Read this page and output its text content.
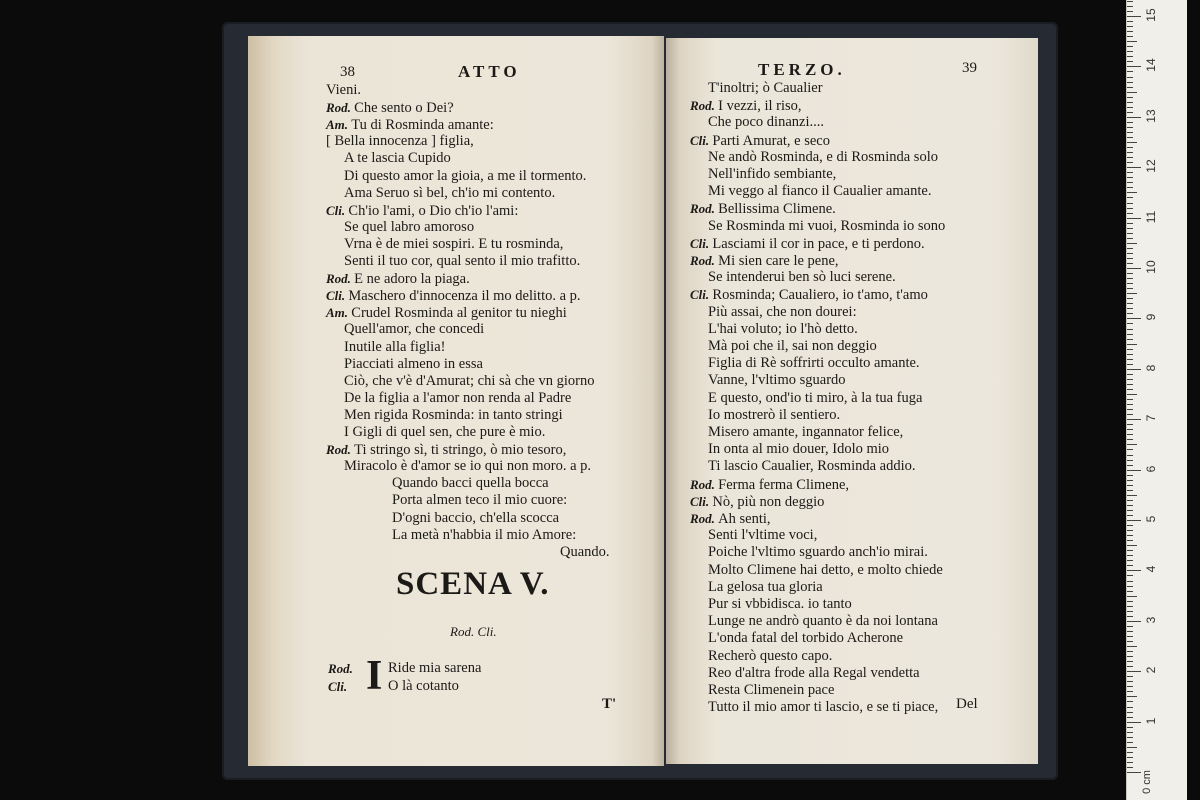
38	ATTO
Vieni.
Rod. Che sento o Dei?
Am. Tu di Rosminda amante:
[ Bella innocenza ] figlia,
A te lascia Cupido
Di questo amor la gioia, a me il tormento.
Ama Seruo sì bel, ch'io mi contento.
Cli. Ch'io l'ami, o Dio ch'io l'ami:
Se quel labro amoroso
Vrna è de miei sospiri. E tu rosminda,
Senti il tuo cor, qual sento il mio trafitto.
Rod. E ne adoro la piaga.
Cli. Maschero d'innocenza il mo delitto. a p.
Am. Crudel Rosminda al genitor tu nieghi
Quell'amor, che concedi
Inutile alla figlia!
Piacciati almeno in essa
Ciò, che v'è d'Amurat; chi sà che vn giorno
De la figlia a l'amor non renda al Padre
Men rigida Rosminda: in tanto stringi
I Gigli di quel sen, che pure è mio.
Rod. Ti stringo sì, ti stringo, ò mio tesoro,
Miracolo è d'amor se io qui non moro. a p.
Quando bacci quella bocca
Porta almen teco il mio cuore:
D'ogni baccio, ch'ella scocca
La metà n'habbia il mio Amore:
Quando.
SCENA V.
Rod. Cli.
Rod. I Ride mia sarena
Cli.	O là cotanto
T'
TERZO.	39
T'inoltri; ò Caualier
Rod. I vezzi, il riso,
Che poco dinanzi....
Cli. Parti Amurat, e seco
Ne andò Rosminda, e di Rosminda solo
Nell'infido sembiante,
Mi veggo al fianco il Caualier amante.
Rod. Bellissima Climene.
Se Rosminda mi vuoi, Rosminda io sono
Cli. Lasciami il cor in pace, e ti perdono.
Rod. Mi sien care le pene,
Se intenderui ben sò luci serene.
Cli. Rosminda; Caualiero, io t'amo, t'amo
Più assai, che non dourei:
L'hai voluto; io l'hò detto.
Mà poi che il, sai non deggio
Figlia di Rè soffrirti occulto amante.
Vanne, l'vltimo sguardo
E questo, ond'io ti miro, à la tua fuga
Io mostrerò il sentiero.
Misero amante, ingannator felice,
In onta al mio douer, Idolo mio
Ti lascio Caualier, Rosminda addio.
Rod. Ferma ferma Climene,
Cli. Nò, più non deggio
Rod. Ah senti,
Senti l'vltime voci,
Poiche l'vltimo sguardo anch'io mirai.
Molto Climene hai detto, e molto chiede
La gelosa tua gloria
Pur si vbbidisca. io tanto
Lunge ne andrò quanto è da noi lontana
L'onda fatal del torbido Acherone
Recherò questo capo.
Reo d'altra frode alla Regal vendetta
Resta Climenein pace
Tutto il mio amor ti lascio, e se ti piace, Del
0 cm
1
2
3
4
5
6
7
8
9
10
11
12
13
14
15
